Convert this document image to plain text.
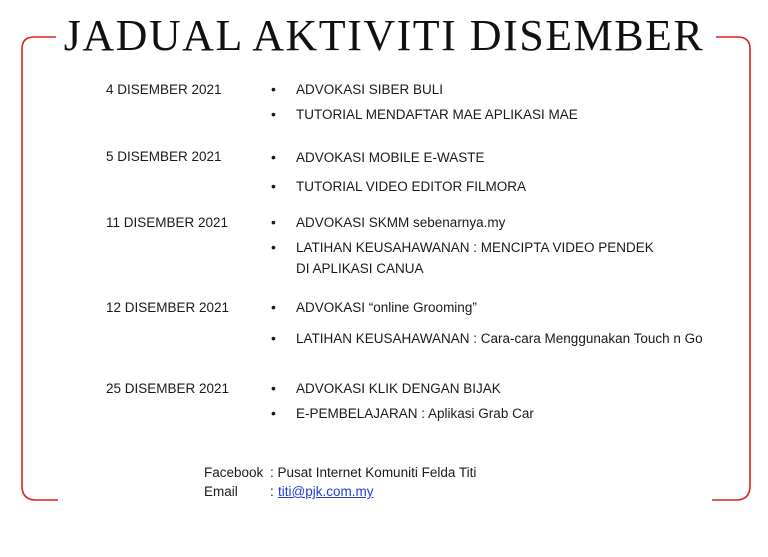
JADUAL AKTIVITI DISEMBER
4 DISEMBER 2021	• ADVOKASI SIBER BULI
• TUTORIAL MENDAFTAR MAE APLIKASI MAE
5 DISEMBER 2021	• ADVOKASI MOBILE E-WASTE
• TUTORIAL VIDEO EDITOR FILMORA
11 DISEMBER 2021	• ADVOKASI SKMM sebenarnya.my
• LATIHAN KEUSAHAWANAN : MENCIPTA VIDEO PENDEK DI APLIKASI CANUA
12 DISEMBER 2021	• ADVOKASI “online Grooming”
• LATIHAN KEUSAHAWANAN : Cara-cara Menggunakan Touch n Go
25 DISEMBER 2021	• ADVOKASI KLIK DENGAN BIJAK
• E-PEMBELAJARAN : Aplikasi Grab Car
Facebook : Pusat Internet Komuniti Felda Titi
Email : titi@pjk.com.my
